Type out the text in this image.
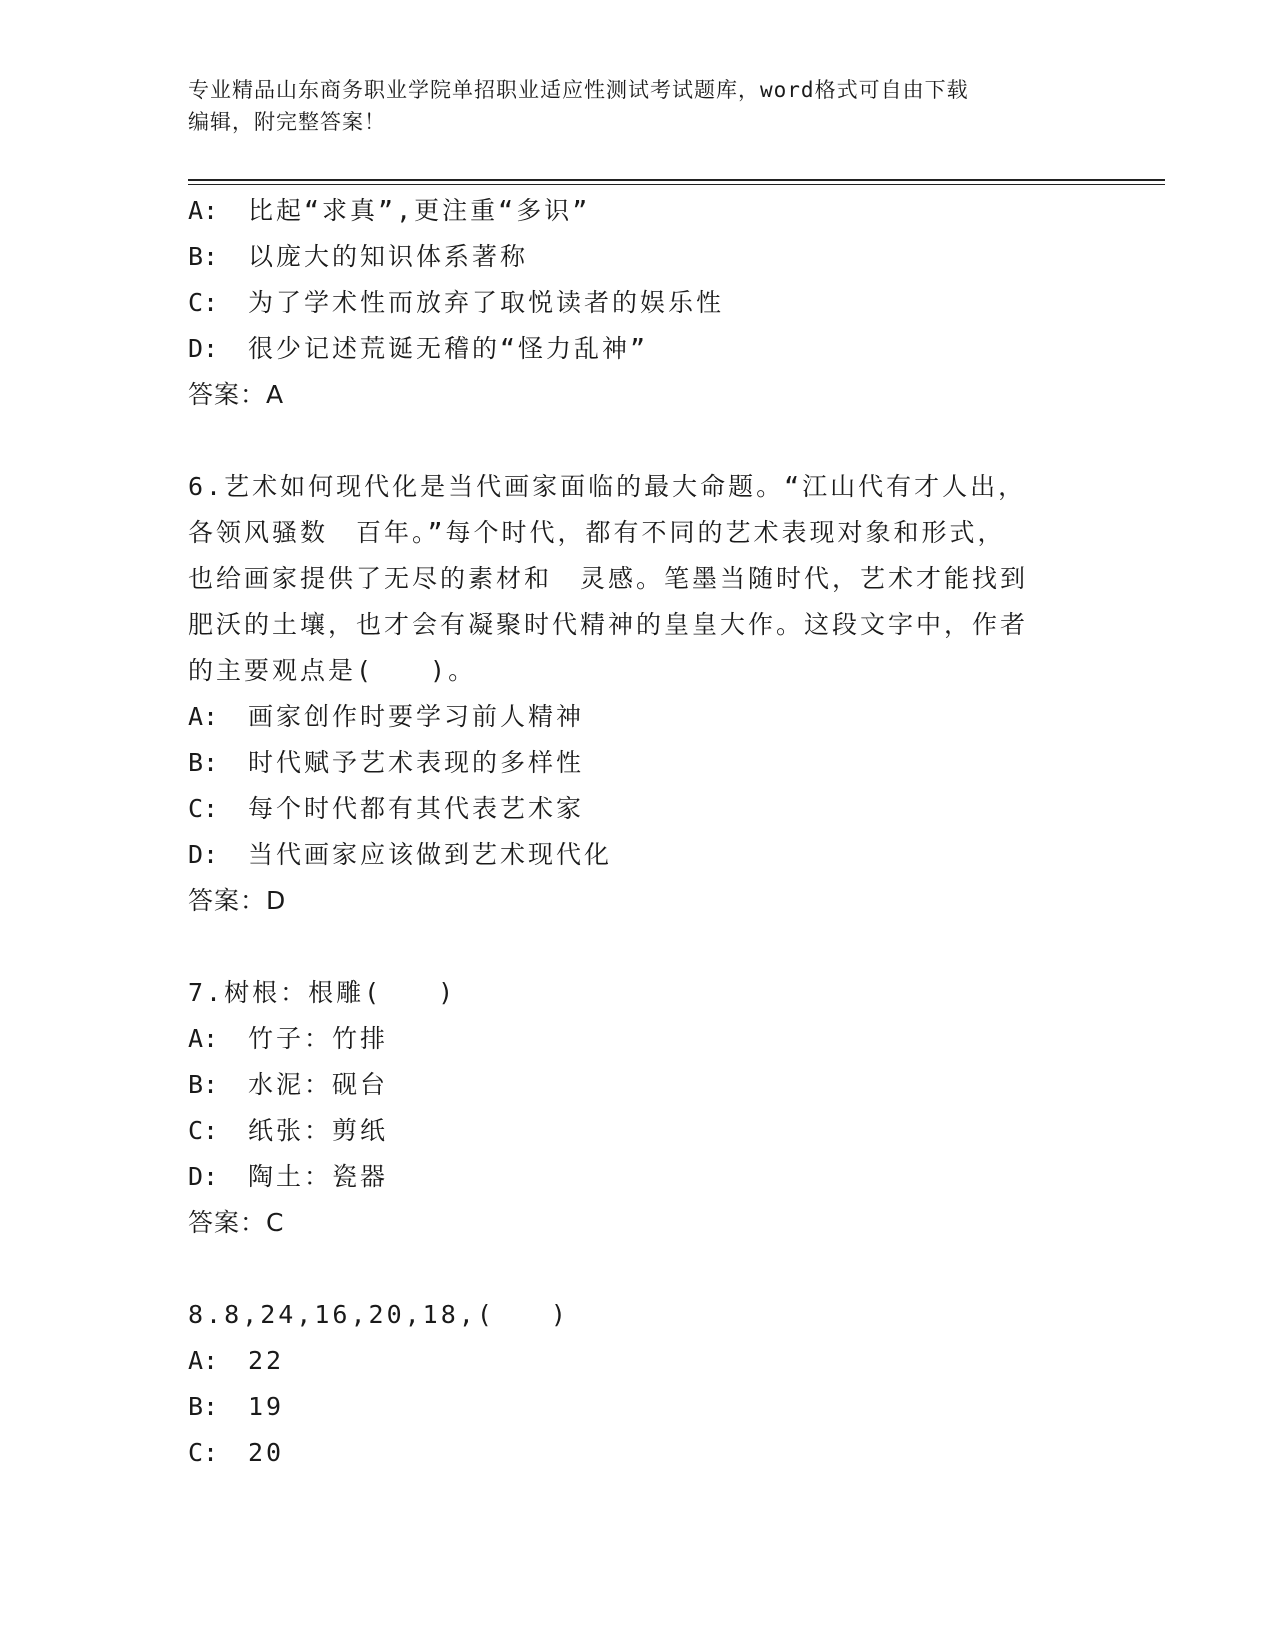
专业精品山东商务职业学院单招职业适应性测试考试题库，word格式可自由下载
编辑，附完整答案！
A: 比起“求真”,更注重“多识”
B: 以庞大的知识体系著称
C: 为了学术性而放弃了取悦读者的娱乐性
D: 很少记述荒诞无稽的“怪力乱神”
答案：A
6.艺术如何现代化是当代画家面临的最大命题。“江山代有才人出，
各领风骚数　百年。”每个时代，都有不同的艺术表现对象和形式，
也给画家提供了无尽的素材和　灵感。笔墨当随时代，艺术才能找到
肥沃的土壤，也才会有凝聚时代精神的皇皇大作。这段文字中，作者
的主要观点是(　　)。
A: 画家创作时要学习前人精神
B: 时代赋予艺术表现的多样性
C: 每个时代都有其代表艺术家
D: 当代画家应该做到艺术现代化
答案：D
7.树根：根雕(　　)
A: 竹子：竹排
B: 水泥：砚台
C: 纸张：剪纸
D: 陶土：瓷器
答案：C
8.8,24,16,20,18,(　　)
A: 22
B: 19
C: 20
